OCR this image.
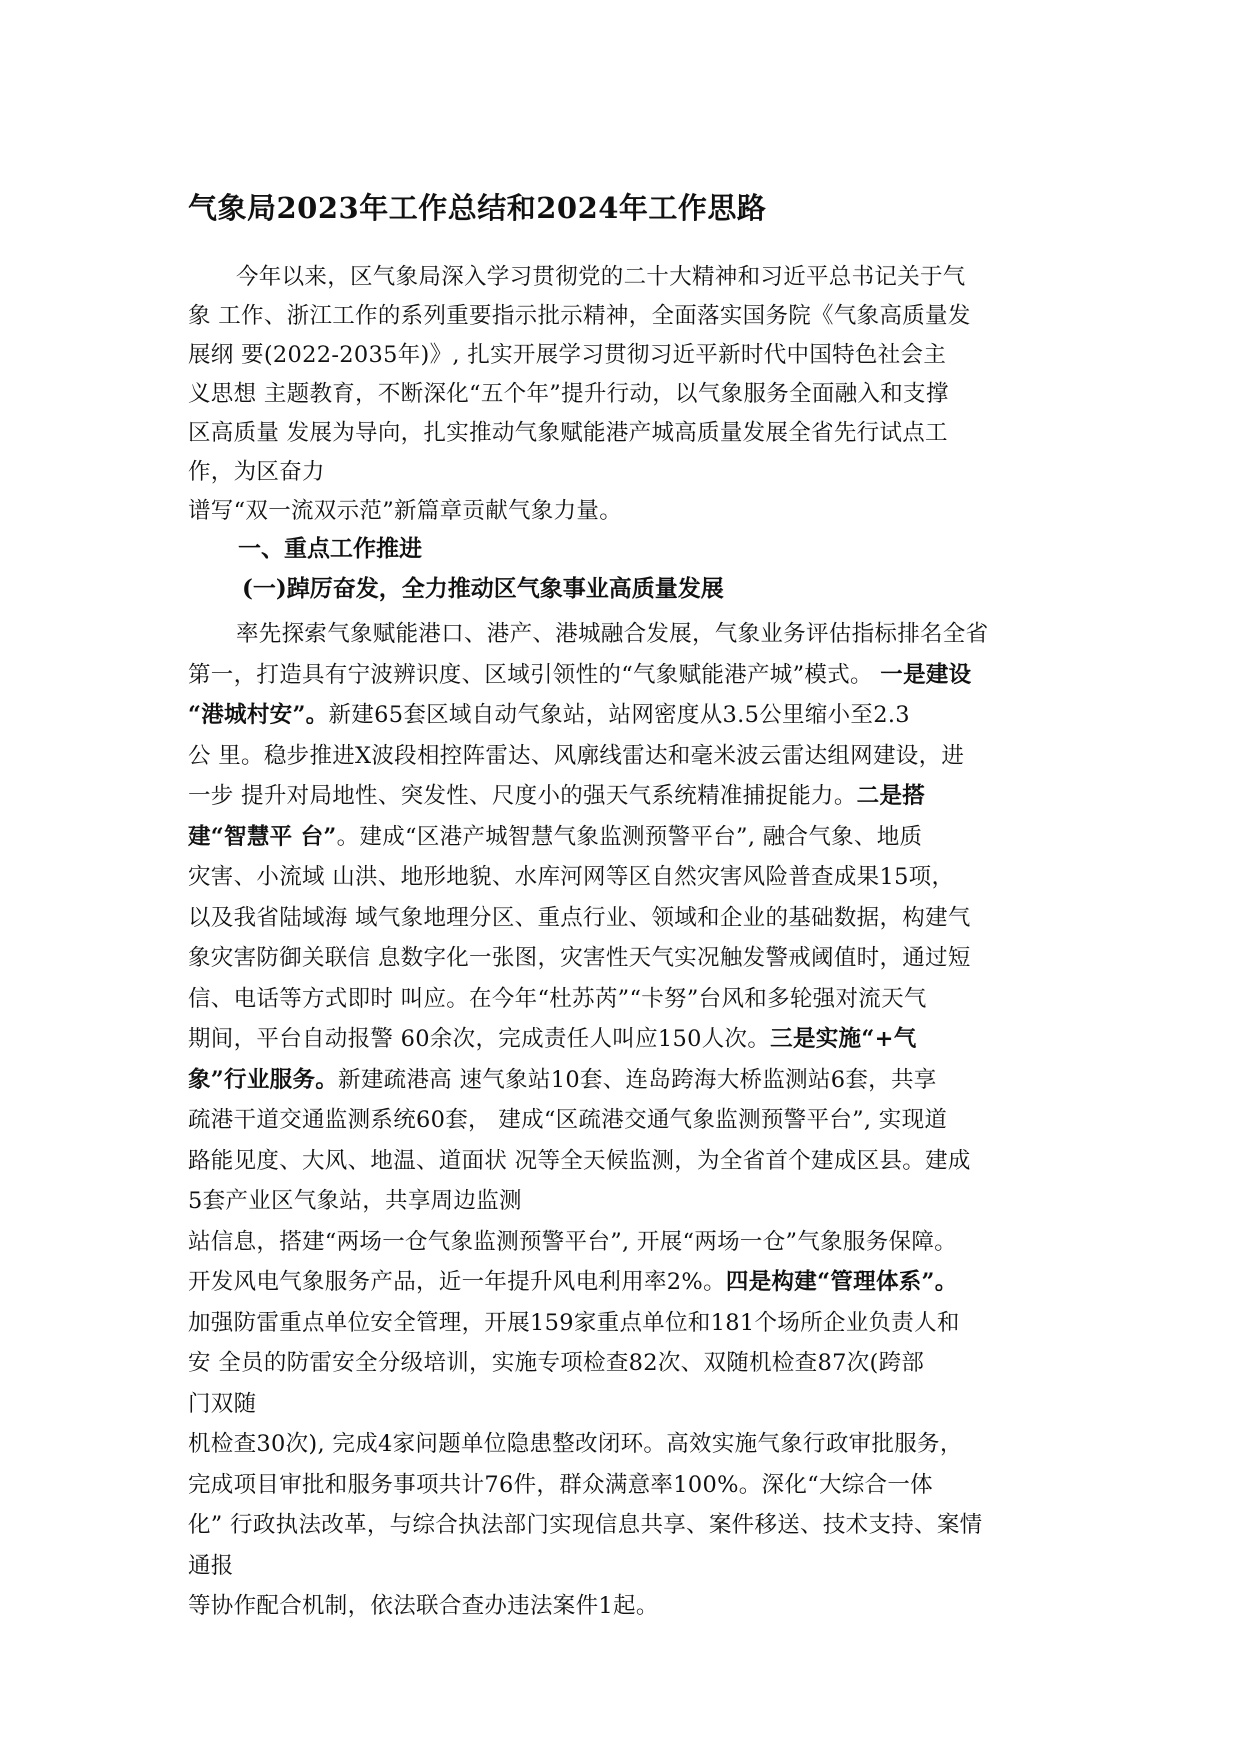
气象局2023年工作总结和2024年工作思路
今年以来，区气象局深入学习贯彻党的二十大精神和习近平总书记关于气
象 工作、浙江工作的系列重要指示批示精神，全面落实国务院《气象高质量发
展纲 要(2022-2035年)》, 扎实开展学习贯彻习近平新时代中国特色社会主
义思想 主题教育，不断深化“五个年”提升行动，以气象服务全面融入和支撑
区高质量 发展为导向，扎实推动气象赋能港产城高质量发展全省先行试点工
作，为区奋力
谱写“双一流双示范”新篇章贡献气象力量。
一、重点工作推进
(一)踔厉奋发，全力推动区气象事业高质量发展
率先探索气象赋能港口、港产、港城融合发展，气象业务评估指标排名全省
第一，打造具有宁波辨识度、区域引领性的“气象赋能港产城”模式。 一是建设
“港城村安”。新建65套区域自动气象站，站网密度从3.5公里缩小至2.3
公 里。稳步推进X波段相控阵雷达、风廓线雷达和毫米波云雷达组网建设，进
一步 提升对局地性、突发性、尺度小的强天气系统精准捕捉能力。二是搭
建“智慧平 台”。建成“区港产城智慧气象监测预警平台”, 融合气象、地质
灾害、小流域 山洪、地形地貌、水库河网等区自然灾害风险普查成果15项，
以及我省陆域海 域气象地理分区、重点行业、领域和企业的基础数据，构建气
象灾害防御关联信 息数字化一张图，灾害性天气实况触发警戒阈值时，通过短
信、电话等方式即时 叫应。在今年“杜苏芮”“卡努”台风和多轮强对流天气
期间，平台自动报警 60余次，完成责任人叫应150人次。三是实施“+气
象”行业服务。新建疏港高 速气象站10套、连岛跨海大桥监测站6套，共享
疏港干道交通监测系统60套， 建成“区疏港交通气象监测预警平台”, 实现道
路能见度、大风、地温、道面状 况等全天候监测，为全省首个建成区县。建成
5套产业区气象站，共享周边监测
站信息，搭建“两场一仓气象监测预警平台”, 开展“两场一仓”气象服务保障。
开发风电气象服务产品，近一年提升风电利用率2%。四是构建“管理体系”。
加强防雷重点单位安全管理，开展159家重点单位和181个场所企业负责人和
安 全员的防雷安全分级培训，实施专项检查82次、双随机检查87次(跨部
门双随
机检查30次), 完成4家问题单位隐患整改闭环。高效实施气象行政审批服务，
完成项目审批和服务事项共计76件，群众满意率100%。深化“大综合一体
化” 行政执法改革，与综合执法部门实现信息共享、案件移送、技术支持、案情
通报
等协作配合机制，依法联合查办违法案件1起。
